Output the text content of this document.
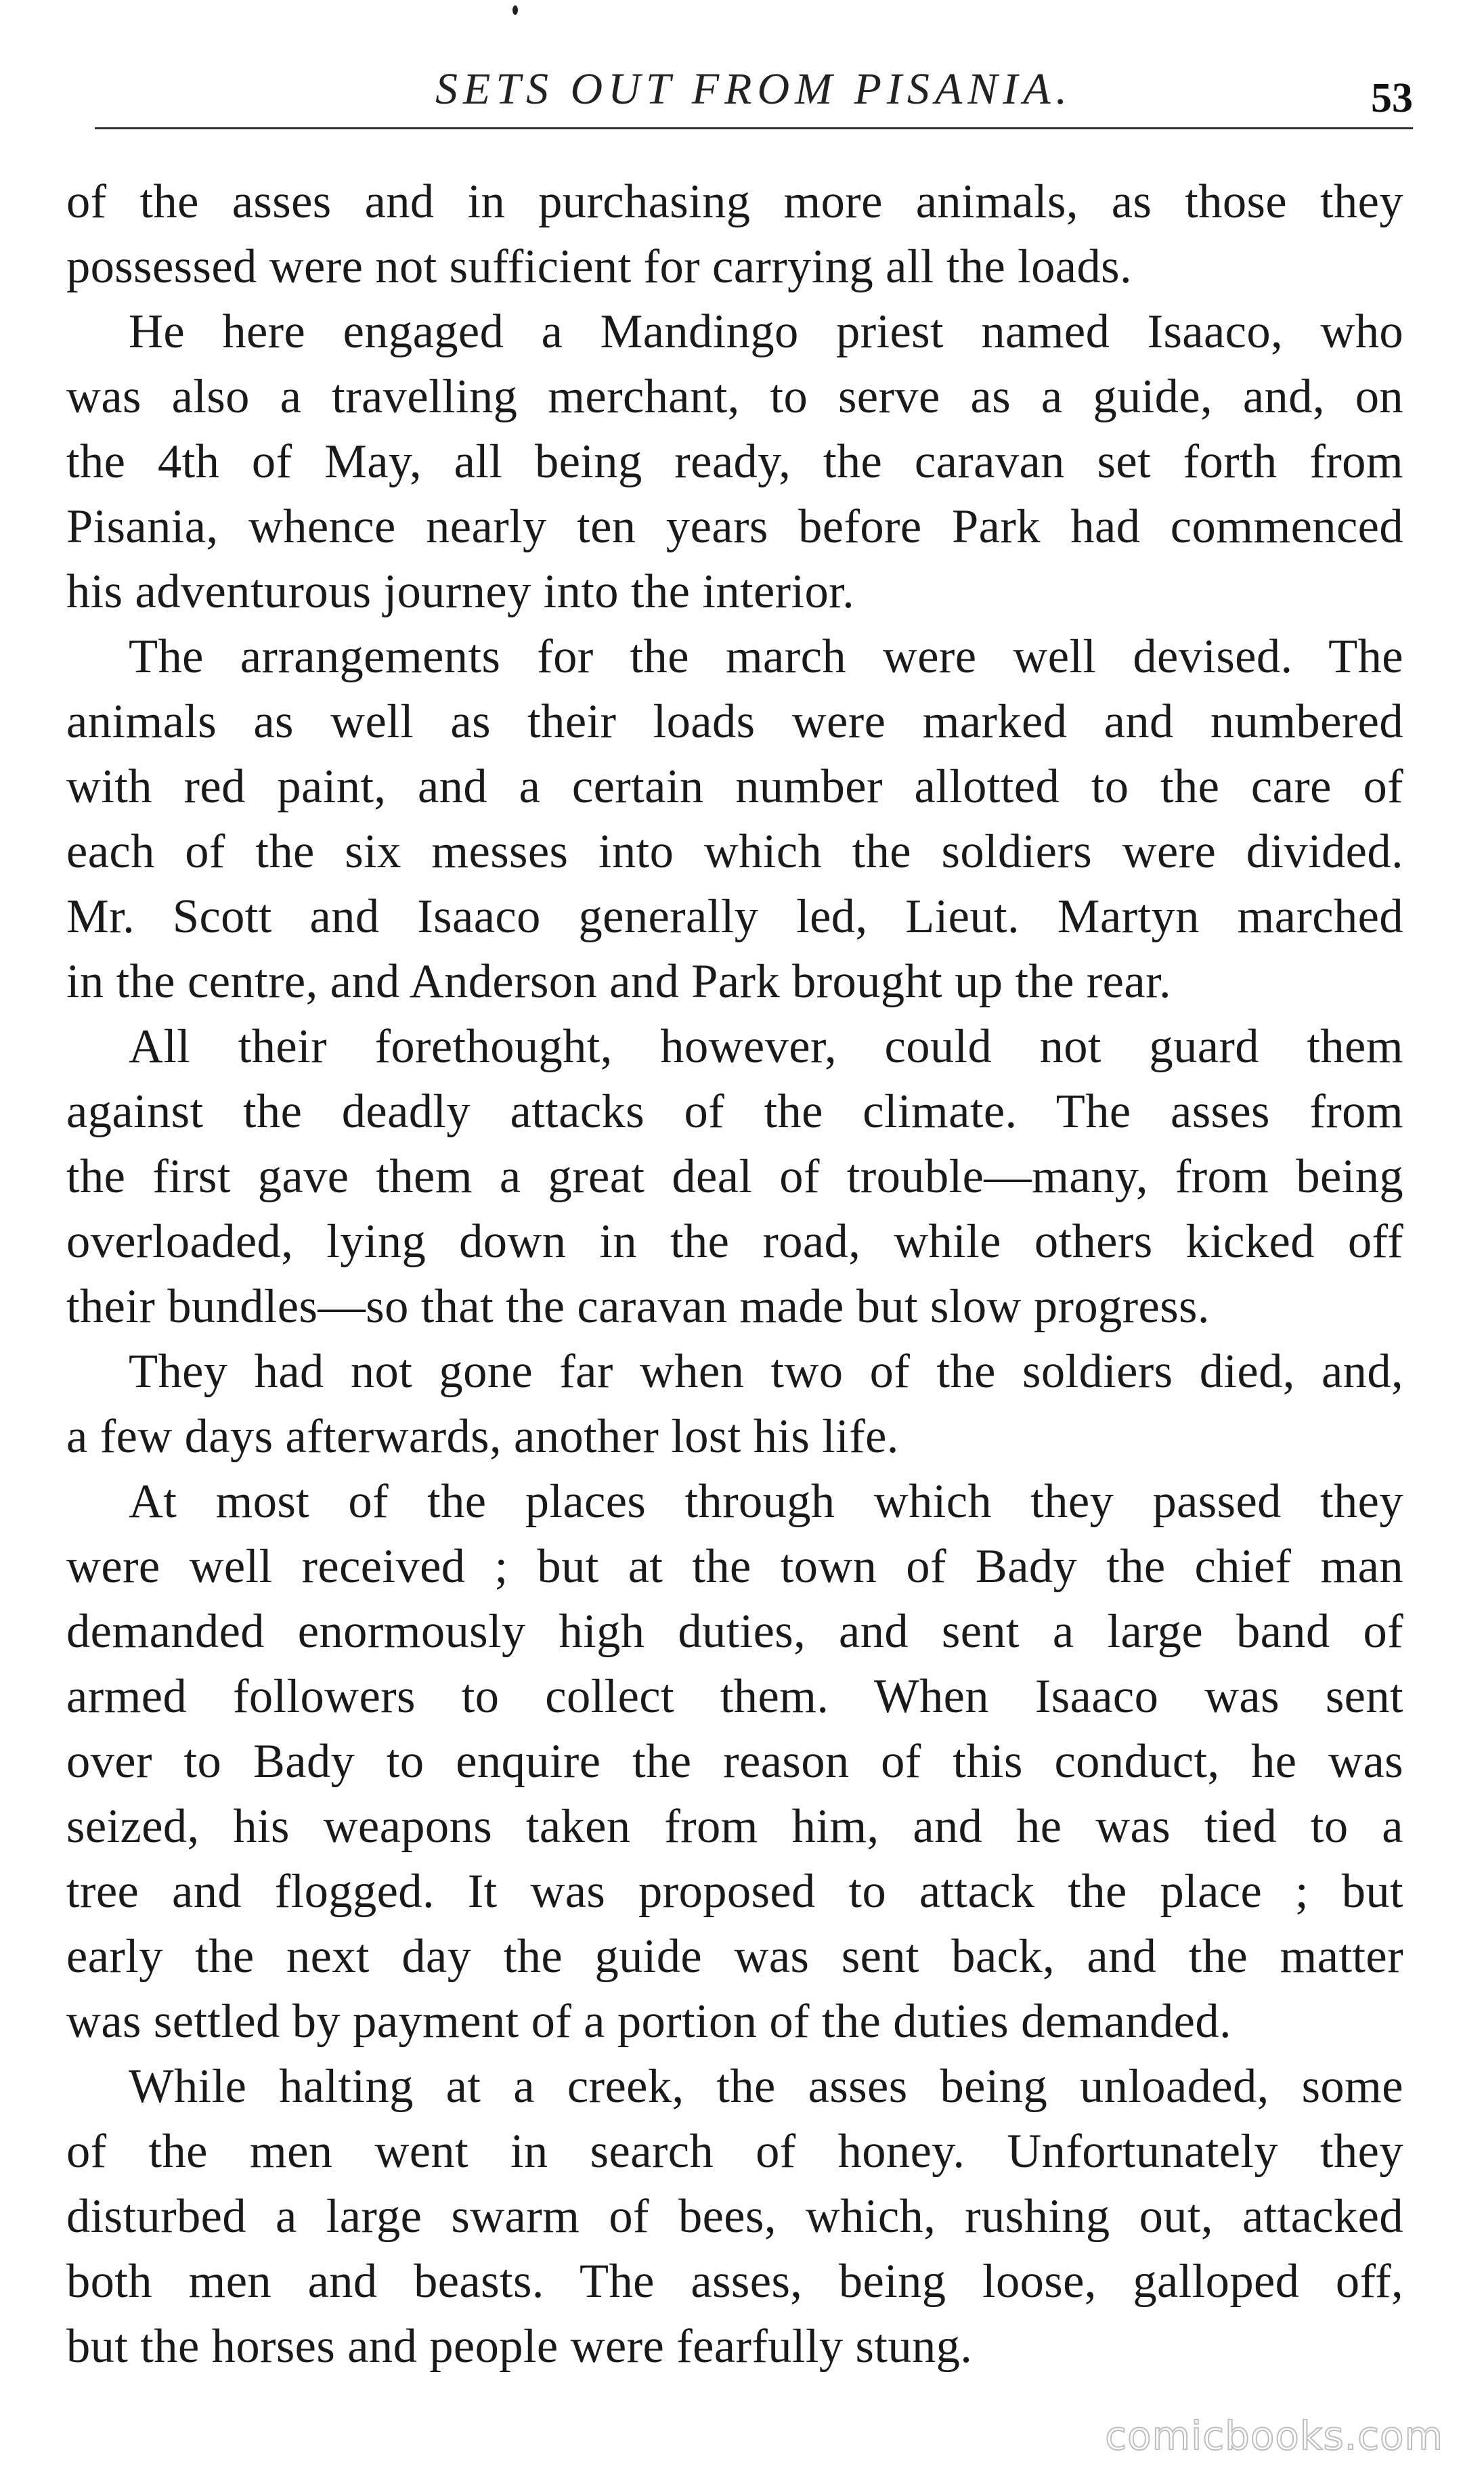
SETS OUT FROM PISANIA.	53

of the asses and in purchasing more animals, as those they
possessed were not sufficient for carrying all the loads.

He here engaged a Mandingo priest named Isaaco, who
was also a travelling merchant, to serve as a guide, and, on
the 4th of May, all being ready, the caravan set forth from
Pisania, whence nearly ten years before Park had commenced
his adventurous journey into the interior.

The arrangements for the march were well devised. The
animals as well as their loads were marked and numbered
with red paint, and a certain number allotted to the care of
each of the six messes into which the soldiers were divided.
Mr. Scott and Isaaco generally led, Lieut. Martyn marched
in the centre, and Anderson and Park brought up the rear.

All their forethought, however, could not guard them
against the deadly attacks of the climate. The asses from
the first gave them a great deal of trouble—many, from being
overloaded, lying down in the road, while others kicked off
their bundles—so that the caravan made but slow progress.

They had not gone far when two of the soldiers died, and,
a few days afterwards, another lost his life.

At most of the places through which they passed they
were well received ; but at the town of Bady the chief man
demanded enormously high duties, and sent a large band of
armed followers to collect them. When Isaaco was sent
over to Bady to enquire the reason of this conduct, he was
seized, his weapons taken from him, and he was tied to a
tree and flogged. It was proposed to attack the place ; but
early the next day the guide was sent back, and the matter
was settled by payment of a portion of the duties demanded.

While halting at a creek, the asses being unloaded, some
of the men went in search of honey. Unfortunately they
disturbed a large swarm of bees, which, rushing out, attacked
both men and beasts. The asses, being loose, galloped off,
but the horses and people were fearfully stung.

comicbooks.com
